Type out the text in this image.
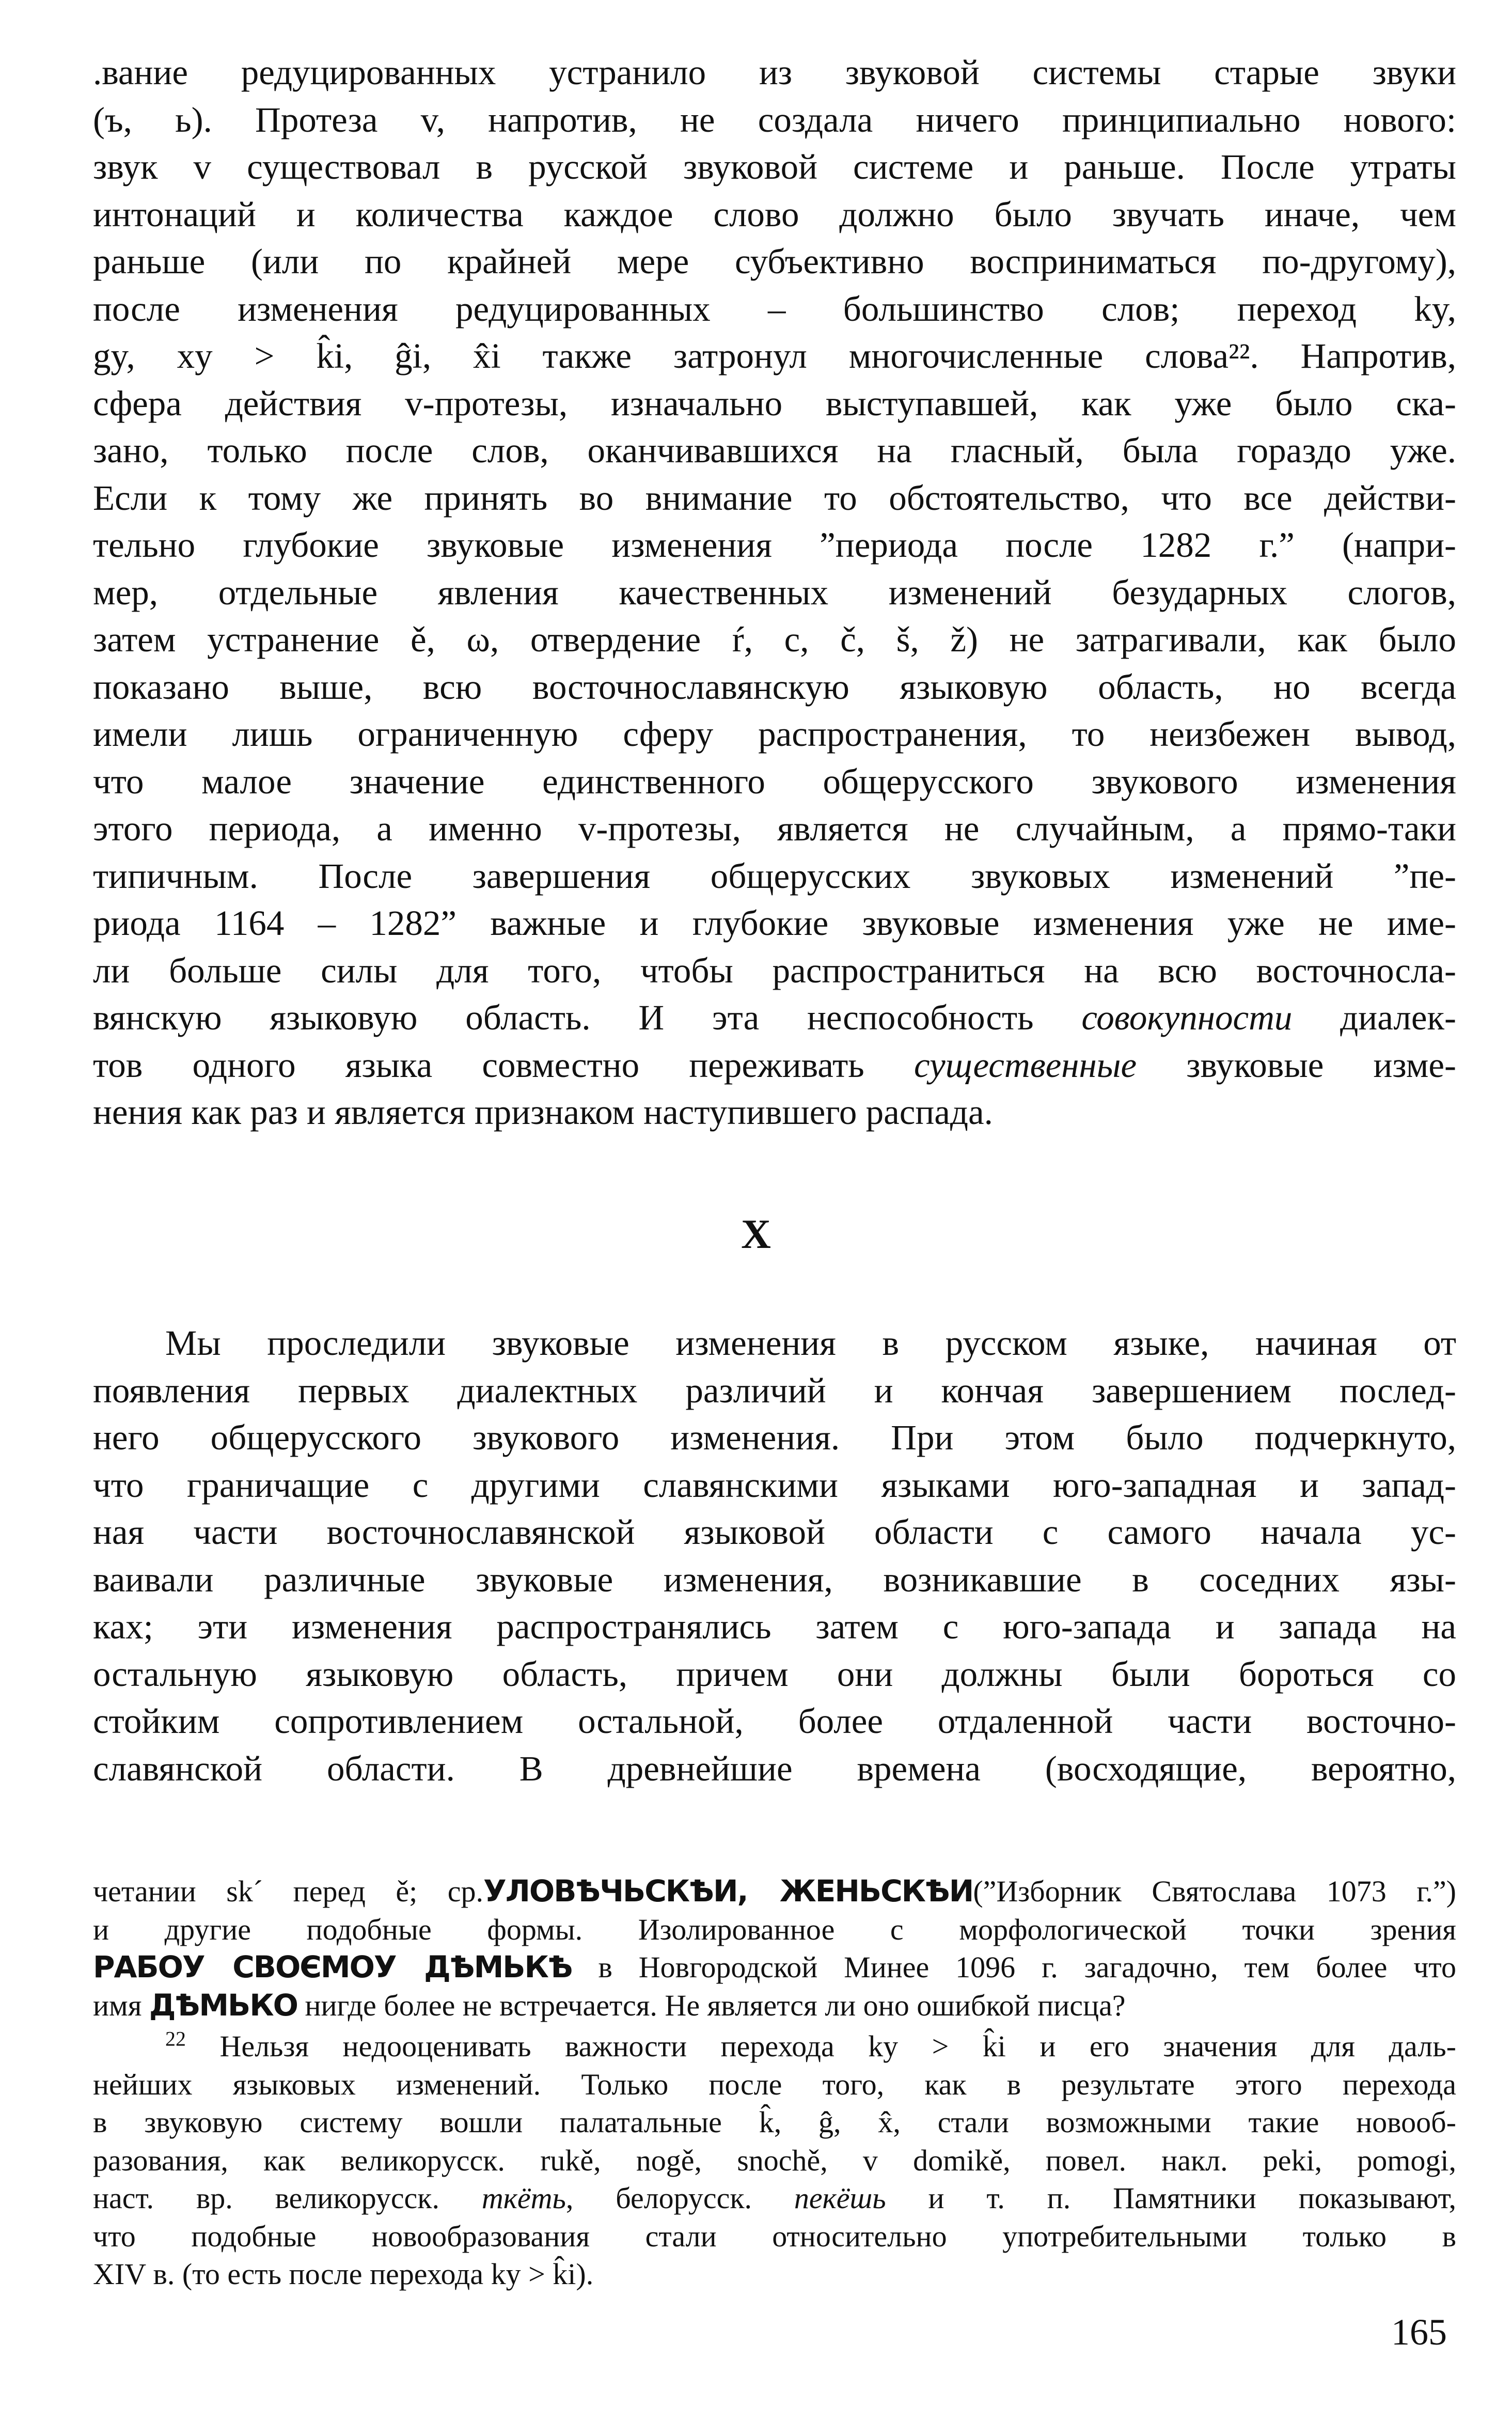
.вание редуцированных устранило из звуковой системы старые звуки
(ъ, ь). Протеза v, напротив, не создала ничего принципиально нового:
звук v существовал в русской звуковой системе и раньше. После утраты
интонаций и количества каждое слово должно было звучать иначе, чем
раньше (или по крайней мере субъективно восприниматься по-другому),
после изменения редуцированных – большинство слов; переход ky,
gy, xy > k̂i, ĝi, x̂i также затронул многочисленные слова²². Напротив,
сфера действия v-протезы, изначально выступавшей, как уже было ска-
зано, только после слов, оканчивавшихся на гласный, была гораздо уже.
Если к тому же принять во внимание то обстоятельство, что все действи-
тельно глубокие звуковые изменения ”периода после 1282 г.” (напри-
мер, отдельные явления качественных изменений безударных слогов,
затем устранение ě, ω, отвердение ŕ, c, č, š, ž) не затрагивали, как было
показано выше, всю восточнославянскую языковую область, но всегда
имели лишь ограниченную сферу распространения, то неизбежен вывод,
что малое значение единственного общерусского звукового изменения
этого периода, а именно v-протезы, является не случайным, а прямо-таки
типичным. После завершения общерусских звуковых изменений ”пе-
риода 1164 – 1282” важные и глубокие звуковые изменения уже не име-
ли больше силы для того, чтобы распространиться на всю восточносла-
вянскую языковую область. И эта неспособность совокупности диалек-
тов одного языка совместно переживать существенные звуковые изме-
нения как раз и является признаком наступившего распада.
X
Мы проследили звуковые изменения в русском языке, начиная от
появления первых диалектных различий и кончая завершением послед-
него общерусского звукового изменения. При этом было подчеркнуто,
что граничащие с другими славянскими языками юго-западная и запад-
ная части восточнославянской языковой области с самого начала ус-
ваивали различные звуковые изменения, возникавшие в соседних язы-
ках; эти изменения распространялись затем с юго-запада и запада на
остальную языковую область, причем они должны были бороться со
стойким сопротивлением остальной, более отдаленной части восточно-
славянской области. В древнейшие времена (восходящие, вероятно,
четании sk´ перед ě; ср.УЛОВѢЧЬСКѢИ, ЖЕНЬСКѢИ(”Изборник Святослава 1073 г.”)
и другие подобные формы. Изолированное с морфологической точки зрения
РАБОУ СВОЄМОУ ДѢМЬКѢ в Новгородской Минее 1096 г. загадочно, тем более что
имя ДѢМЬКО нигде более не встречается. Не является ли оно ошибкой писца?
$^{22}$ Нельзя недооценивать важности перехода ky > k̂i и его значения для даль-
нейших языковых изменений. Только после того, как в результате этого перехода
в звуковую систему вошли палатальные k̂, ĝ, x̂, стали возможными такие новооб-
разования, как великорусск. rukě, nogě, snochě, v domikě, повел. накл. peki, pomogi,
наст. вр. великорусск. ткёть, белорусск. пекёшь и т. п. Памятники показывают,
что подобные новообразования стали относительно употребительными только в
XIV в. (то есть после перехода ky > k̂i).
165
